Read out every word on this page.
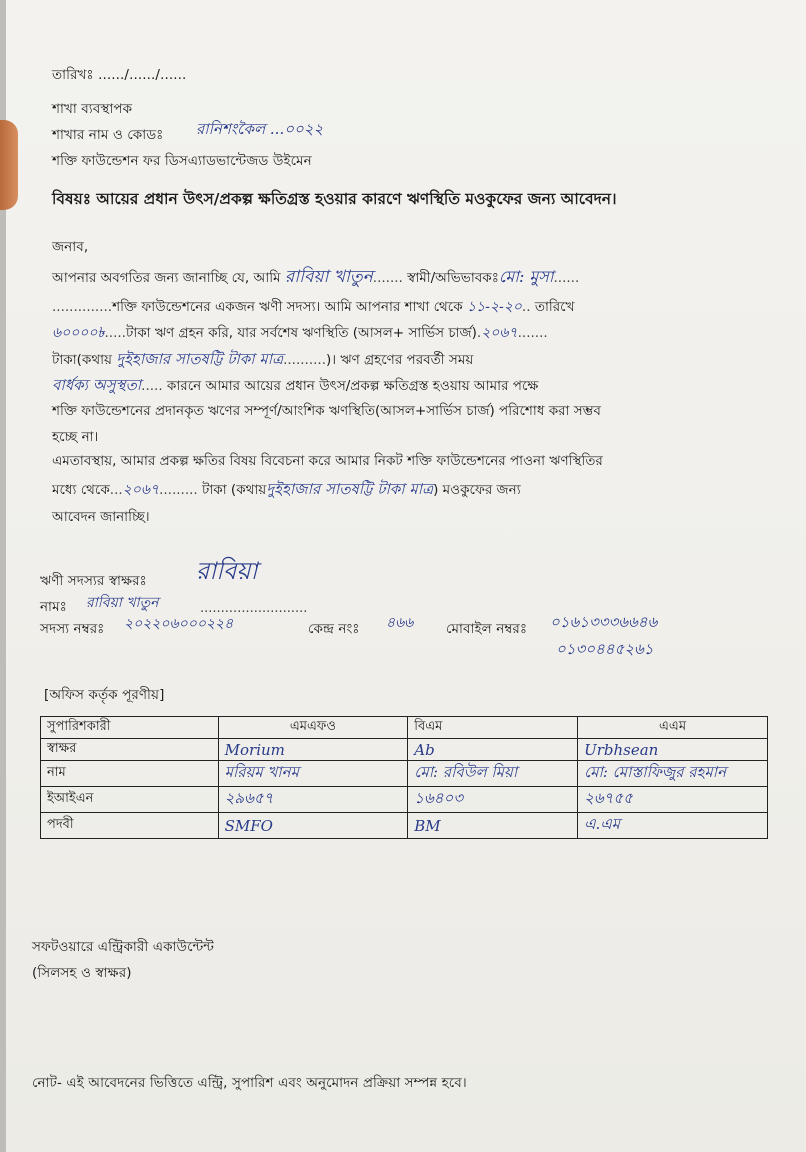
তারিখঃ ....../....../......
শাখা ব্যবস্থাপক
শাখার নাম ও কোডঃ রানিশংকৈল ...০০২২
শক্তি ফাউন্ডেশন ফর ডিসএ্যাডভান্টেজড উইমেন
বিষয়ঃ আয়ের প্রধান উৎস/প্রকল্প ক্ষতিগ্রস্ত হওয়ার কারণে ঋণস্থিতি মওকুফের জন্য আবেদন।
জনাব,
আপনার অবগতির জন্য জানাচ্ছি যে, আমি রাবিয়া খাতুন....... স্বামী/অভিভাবকঃমো: মুসা......
..............শক্তি ফাউন্ডেশনের একজন ঋণী সদস্য। আমি আপনার শাখা থেকে ১১-২-২০.. তারিখে
৬০০০০৳.....টাকা ঋণ গ্রহন করি, যার সর্বশেষ ঋণস্থিতি (আসল+ সার্ভিস চার্জ).২০৬৭.......
টাকা(কথায় দুইহাজার সাতষট্টি টাকা মাত্র..........)। ঋণ গ্রহণের পরবর্তী সময়
বার্ধক্য অসুস্থতা..... কারনে আমার আয়ের প্রধান উৎস/প্রকল্প ক্ষতিগ্রস্ত হওয়ায় আমার পক্ষে
শক্তি ফাউন্ডেশনের প্রদানকৃত ঋণের সম্পূর্ণ/আংশিক ঋণস্থিতি(আসল+সার্ভিস চার্জ) পরিশোধ করা সম্ভব
হচ্ছে না।
এমতাবস্থায়, আমার প্রকল্প ক্ষতির বিষয় বিবেচনা করে আমার নিকট শক্তি ফাউন্ডেশনের পাওনা ঋণস্থিতির
মধ্যে থেকে...২০৬৭......... টাকা (কথায়দুইহাজার সাতষট্টি টাকা মাত্র) মওকুফের জন্য
আবেদন জানাচ্ছি।
ঋণী সদস্যর স্বাক্ষরঃ রাবিয়া
নামঃ রাবিয়া খাতুন	..........................
সদস্য নম্বরঃ ২০২২০৬০০০২২৪	কেন্দ্র নংঃ ৪৬৬ মোবাইল নম্বরঃ ০১৬১৩৩৩৬৬৪৬
০১৩০৪৪৫২৬১
[অফিস কর্তৃক পূরণীয়]
সুপারিশকারী	এমএফও	বিএম	এএম
স্বাক্ষর	Morium	Ab	Urbhsean
নাম	মরিয়ম খানম	মো: রবিউল মিয়া	মো: মোস্তাফিজুর রহমান
ইআইএন	২৯৬৫৭	১৬৪০৩	২৬৭৫৫
পদবী	SMFO	BM	এ.এম
সফটওয়ারে এন্ট্রিকারী একাউন্টেন্ট
(সিলসহ ও স্বাক্ষর)
নোট- এই আবেদনের ভিত্তিতে এন্ট্রি, সুপারিশ এবং অনুমোদন প্রক্রিয়া সম্পন্ন হবে।
